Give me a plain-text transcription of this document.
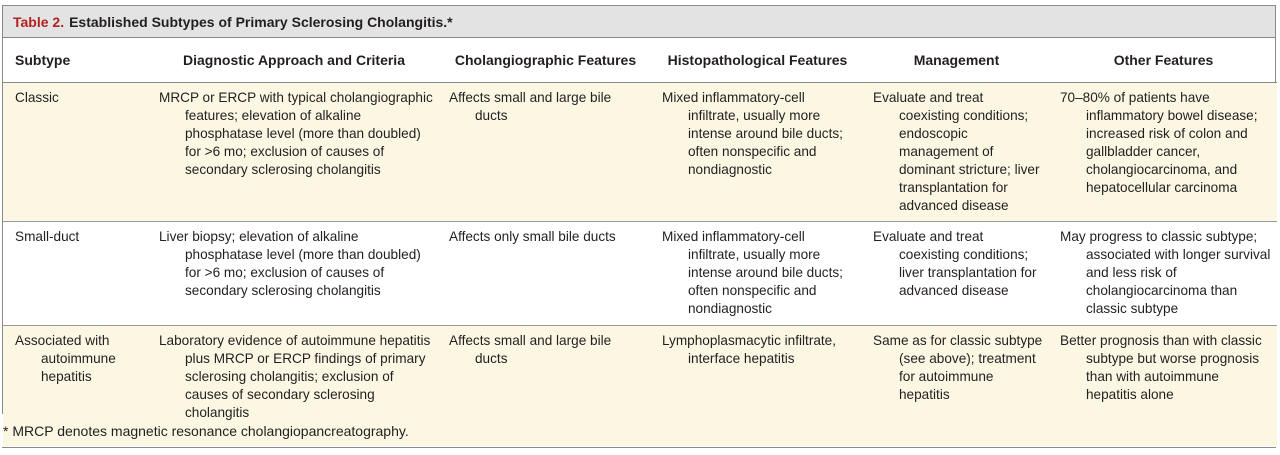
Table 2. Established Subtypes of Primary Sclerosing Cholangitis.*
Subtype	Diagnostic Approach and Criteria	Cholangiographic Features	Histopathological Features	Management	Other Features

Classic	MRCP or ERCP with typical cholangiographic features; elevation of alkaline phosphatase level (more than doubled) for >6 mo; exclusion of causes of secondary sclerosing cholangitis	Affects small and large bile ducts	Mixed inflammatory-cell infiltrate, usually more intense around bile ducts; often nonspecific and nondiagnostic	Evaluate and treat coexisting conditions; endoscopic management of dominant stricture; liver transplantation for advanced disease	70–80% of patients have inflammatory bowel disease; increased risk of colon and gallbladder cancer, cholangiocarcinoma, and hepatocellular carcinoma

Small-duct	Liver biopsy; elevation of alkaline phosphatase level (more than doubled) for >6 mo; exclusion of causes of secondary sclerosing cholangitis	Affects only small bile ducts	Mixed inflammatory-cell infiltrate, usually more intense around bile ducts; often nonspecific and nondiagnostic	Evaluate and treat coexisting conditions; liver transplantation for advanced disease	May progress to classic subtype; associated with longer survival and less risk of cholangiocarcinoma than classic subtype

Associated with autoimmune hepatitis	Laboratory evidence of autoimmune hepatitis plus MRCP or ERCP findings of primary sclerosing cholangitis; exclusion of causes of secondary sclerosing cholangitis	Affects small and large bile ducts	Lymphoplasmacytic infiltrate, interface hepatitis	Same as for classic subtype (see above); treatment for autoimmune hepatitis	Better prognosis than with classic subtype but worse prognosis than with autoimmune hepatitis alone
* MRCP denotes magnetic resonance cholangiopancreatography.
